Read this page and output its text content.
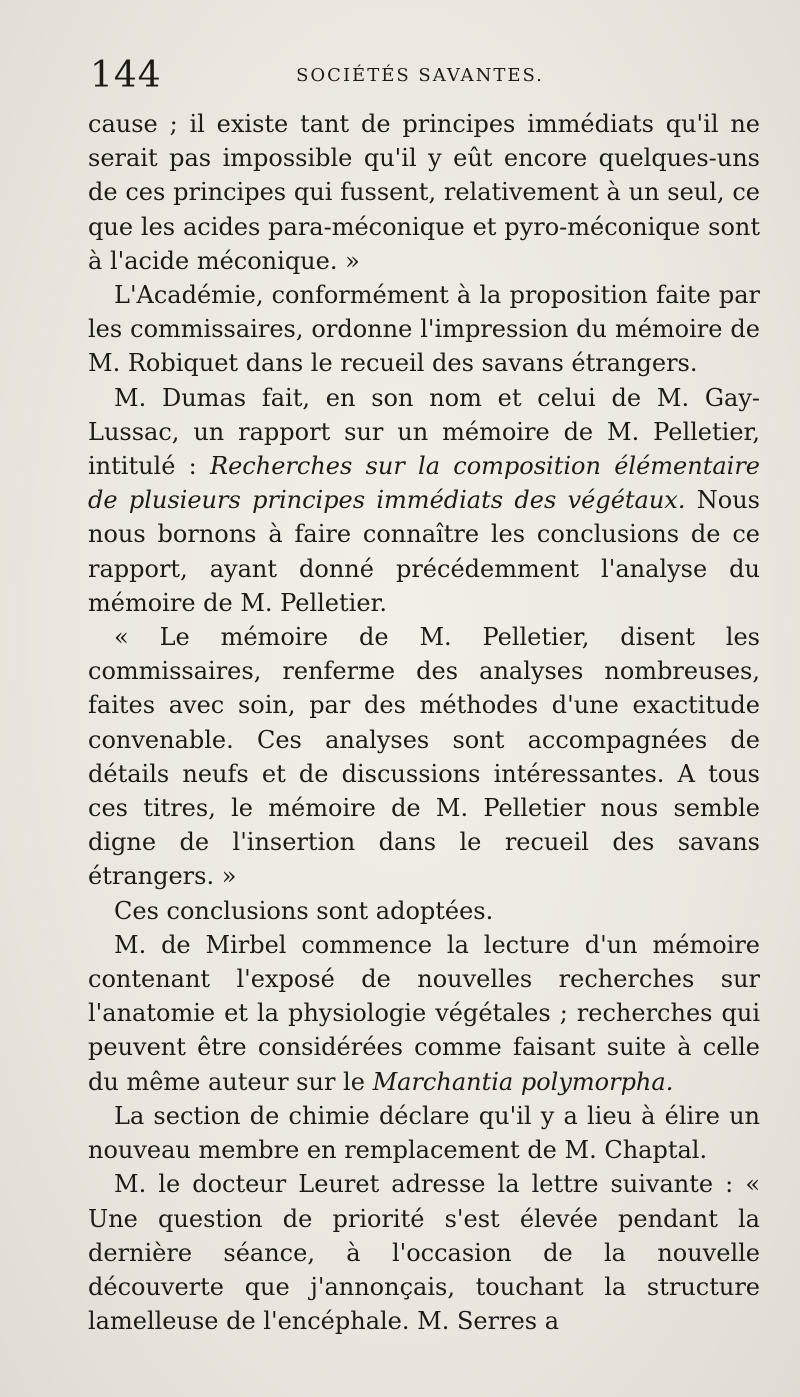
144	SOCIÉTÉS SAVANTES.

cause ; il existe tant de principes immédiats qu'il ne serait pas impossible qu'il y eût encore quelques-uns de ces principes qui fussent, relativement à un seul, ce que les acides para-méconique et pyro-méconique sont à l'acide méconique. »

L'Académie, conformément à la proposition faite par les commissaires, ordonne l'impression du mémoire de M. Robiquet dans le recueil des savans étrangers.

M. Dumas fait, en son nom et celui de M. Gay-Lussac, un rapport sur un mémoire de M. Pelletier, intitulé : Recherches sur la composition élémentaire de plusieurs principes immédiats des végétaux. Nous nous bornons à faire connaître les conclusions de ce rapport, ayant donné précédemment l'analyse du mémoire de M. Pelletier.

« Le mémoire de M. Pelletier, disent les commissaires, renferme des analyses nombreuses, faites avec soin, par des méthodes d'une exactitude convenable. Ces analyses sont accompagnées de détails neufs et de discussions intéressantes. A tous ces titres, le mémoire de M. Pelletier nous semble digne de l'insertion dans le recueil des savans étrangers. »

Ces conclusions sont adoptées.

M. de Mirbel commence la lecture d'un mémoire contenant l'exposé de nouvelles recherches sur l'anatomie et la physiologie végétales ; recherches qui peuvent être considérées comme faisant suite à celle du même auteur sur le Marchantia polymorpha.

La section de chimie déclare qu'il y a lieu à élire un nouveau membre en remplacement de M. Chaptal.

M. le docteur Leuret adresse la lettre suivante : « Une question de priorité s'est élevée pendant la dernière séance, à l'occasion de la nouvelle découverte que j'annonçais, touchant la structure lamelleuse de l'encéphale. M. Serres a
